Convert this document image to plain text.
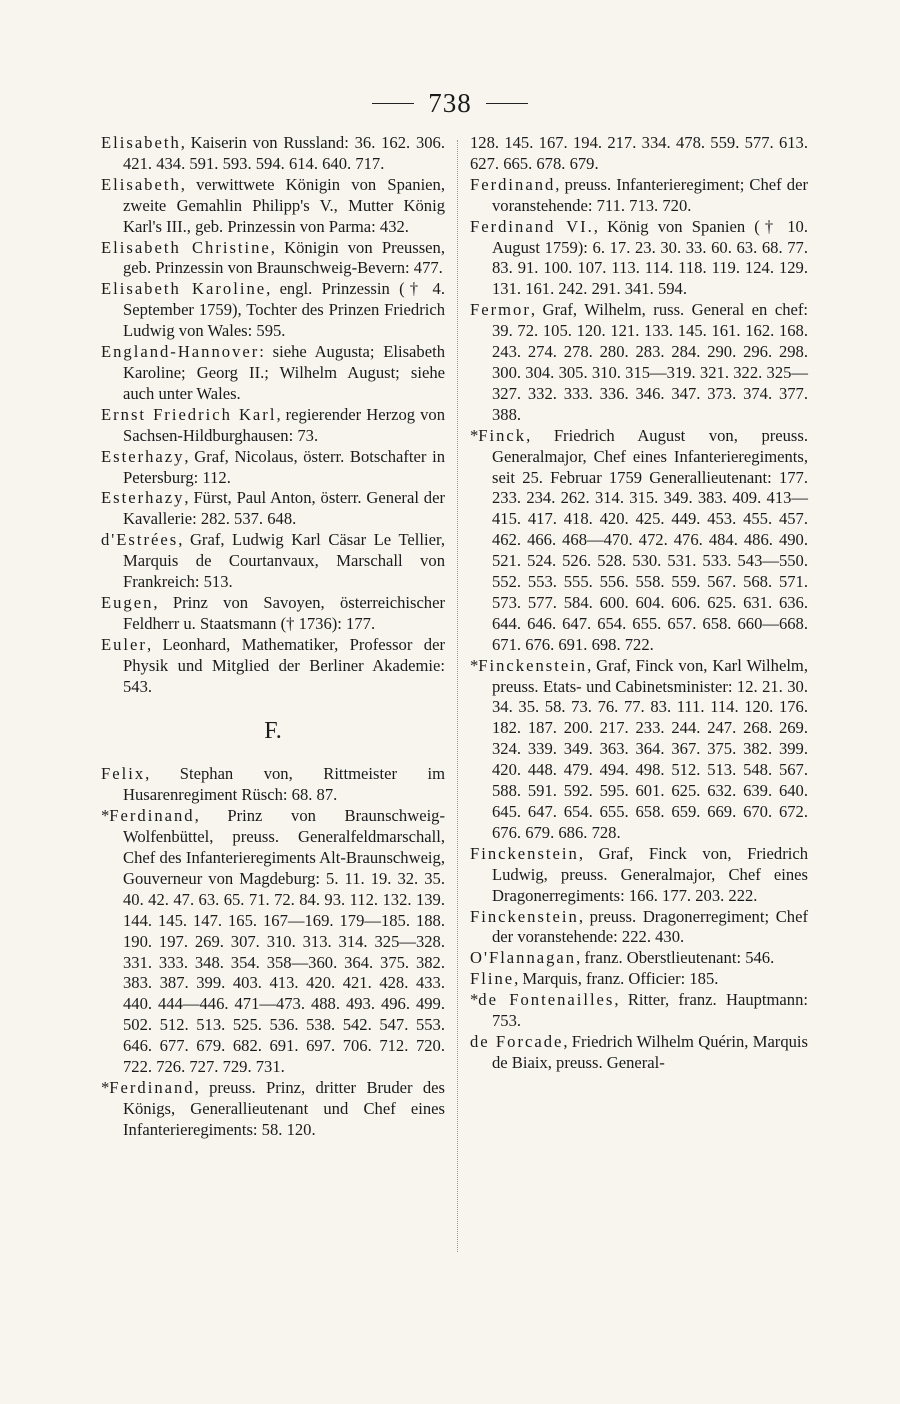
738

Elisabeth, Kaiserin von Russland: 36. 162. 306. 421. 434. 591. 593. 594. 614. 640. 717.

Elisabeth, verwittwete Königin von Spanien, zweite Gemahlin Philipp's V., Mutter König Karl's III., geb. Prinzessin von Parma: 432.

Elisabeth Christine, Königin von Preussen, geb. Prinzessin von Braunschweig-Bevern: 477.

Elisabeth Karoline, engl. Prinzessin († 4. September 1759), Tochter des Prinzen Friedrich Ludwig von Wales: 595.

England-Hannover: siehe Augusta; Elisabeth Karoline; Georg II.; Wilhelm August; siehe auch unter Wales.

Ernst Friedrich Karl, regierender Herzog von Sachsen-Hildburghausen: 73.

Esterhazy, Graf, Nicolaus, österr. Botschafter in Petersburg: 112.

Esterhazy, Fürst, Paul Anton, österr. General der Kavallerie: 282. 537. 648.

d'Estrées, Graf, Ludwig Karl Cäsar Le Tellier, Marquis de Courtanvaux, Marschall von Frankreich: 513.

Eugen, Prinz von Savoyen, österreichischer Feldherr u. Staatsmann († 1736): 177.

Euler, Leonhard, Mathematiker, Professor der Physik und Mitglied der Berliner Akademie: 543.

F.

Felix, Stephan von, Rittmeister im Husarenregiment Rüsch: 68. 87.

*Ferdinand, Prinz von Braunschweig-Wolfenbüttel, preuss. Generalfeldmarschall, Chef des Infanterieregiments Alt-Braunschweig, Gouverneur von Magdeburg: 5. 11. 19. 32. 35. 40. 42. 47. 63. 65. 71. 72. 84. 93. 112. 132. 139. 144. 145. 147. 165. 167—169. 179—185. 188. 190. 197. 269. 307. 310. 313. 314. 325—328. 331. 333. 348. 354. 358—360. 364. 375. 382. 383. 387. 399. 403. 413. 420. 421. 428. 433. 440. 444—446. 471—473. 488. 493. 496. 499. 502. 512. 513. 525. 536. 538. 542. 547. 553. 646. 677. 679. 682. 691. 697. 706. 712. 720. 722. 726. 727. 729. 731.

*Ferdinand, preuss. Prinz, dritter Bruder des Königs, Generallieutenant und Chef eines Infanterieregiments: 58. 120.

128. 145. 167. 194. 217. 334. 478. 559. 577. 613. 627. 665. 678. 679.

Ferdinand, preuss. Infanterieregiment; Chef der voranstehende: 711. 713. 720.

Ferdinand VI., König von Spanien († 10. August 1759): 6. 17. 23. 30. 33. 60. 63. 68. 77. 83. 91. 100. 107. 113. 114. 118. 119. 124. 129. 131. 161. 242. 291. 341. 594.

Fermor, Graf, Wilhelm, russ. General en chef: 39. 72. 105. 120. 121. 133. 145. 161. 162. 168. 243. 274. 278. 280. 283. 284. 290. 296. 298. 300. 304. 305. 310. 315—319. 321. 322. 325—327. 332. 333. 336. 346. 347. 373. 374. 377. 388.

*Finck, Friedrich August von, preuss. Generalmajor, Chef eines Infanterieregiments, seit 25. Februar 1759 Generallieutenant: 177. 233. 234. 262. 314. 315. 349. 383. 409. 413—415. 417. 418. 420. 425. 449. 453. 455. 457. 462. 466. 468—470. 472. 476. 484. 486. 490. 521. 524. 526. 528. 530. 531. 533. 543—550. 552. 553. 555. 556. 558. 559. 567. 568. 571. 573. 577. 584. 600. 604. 606. 625. 631. 636. 644. 646. 647. 654. 655. 657. 658. 660—668. 671. 676. 691. 698. 722.

*Finckenstein, Graf, Finck von, Karl Wilhelm, preuss. Etats- und Cabinetsminister: 12. 21. 30. 34. 35. 58. 73. 76. 77. 83. 111. 114. 120. 176. 182. 187. 200. 217. 233. 244. 247. 268. 269. 324. 339. 349. 363. 364. 367. 375. 382. 399. 420. 448. 479. 494. 498. 512. 513. 548. 567. 588. 591. 592. 595. 601. 625. 632. 639. 640. 645. 647. 654. 655. 658. 659. 669. 670. 672. 676. 679. 686. 728.

Finckenstein, Graf, Finck von, Friedrich Ludwig, preuss. Generalmajor, Chef eines Dragonerregiments: 166. 177. 203. 222.

Finckenstein, preuss. Dragonerregiment; Chef der voranstehende: 222. 430.

O'Flannagan, franz. Oberstlieutenant: 546.

Fline, Marquis, franz. Officier: 185.

*de Fontenailles, Ritter, franz. Hauptmann: 753.

de Forcade, Friedrich Wilhelm Quérin, Marquis de Biaix, preuss. General-
